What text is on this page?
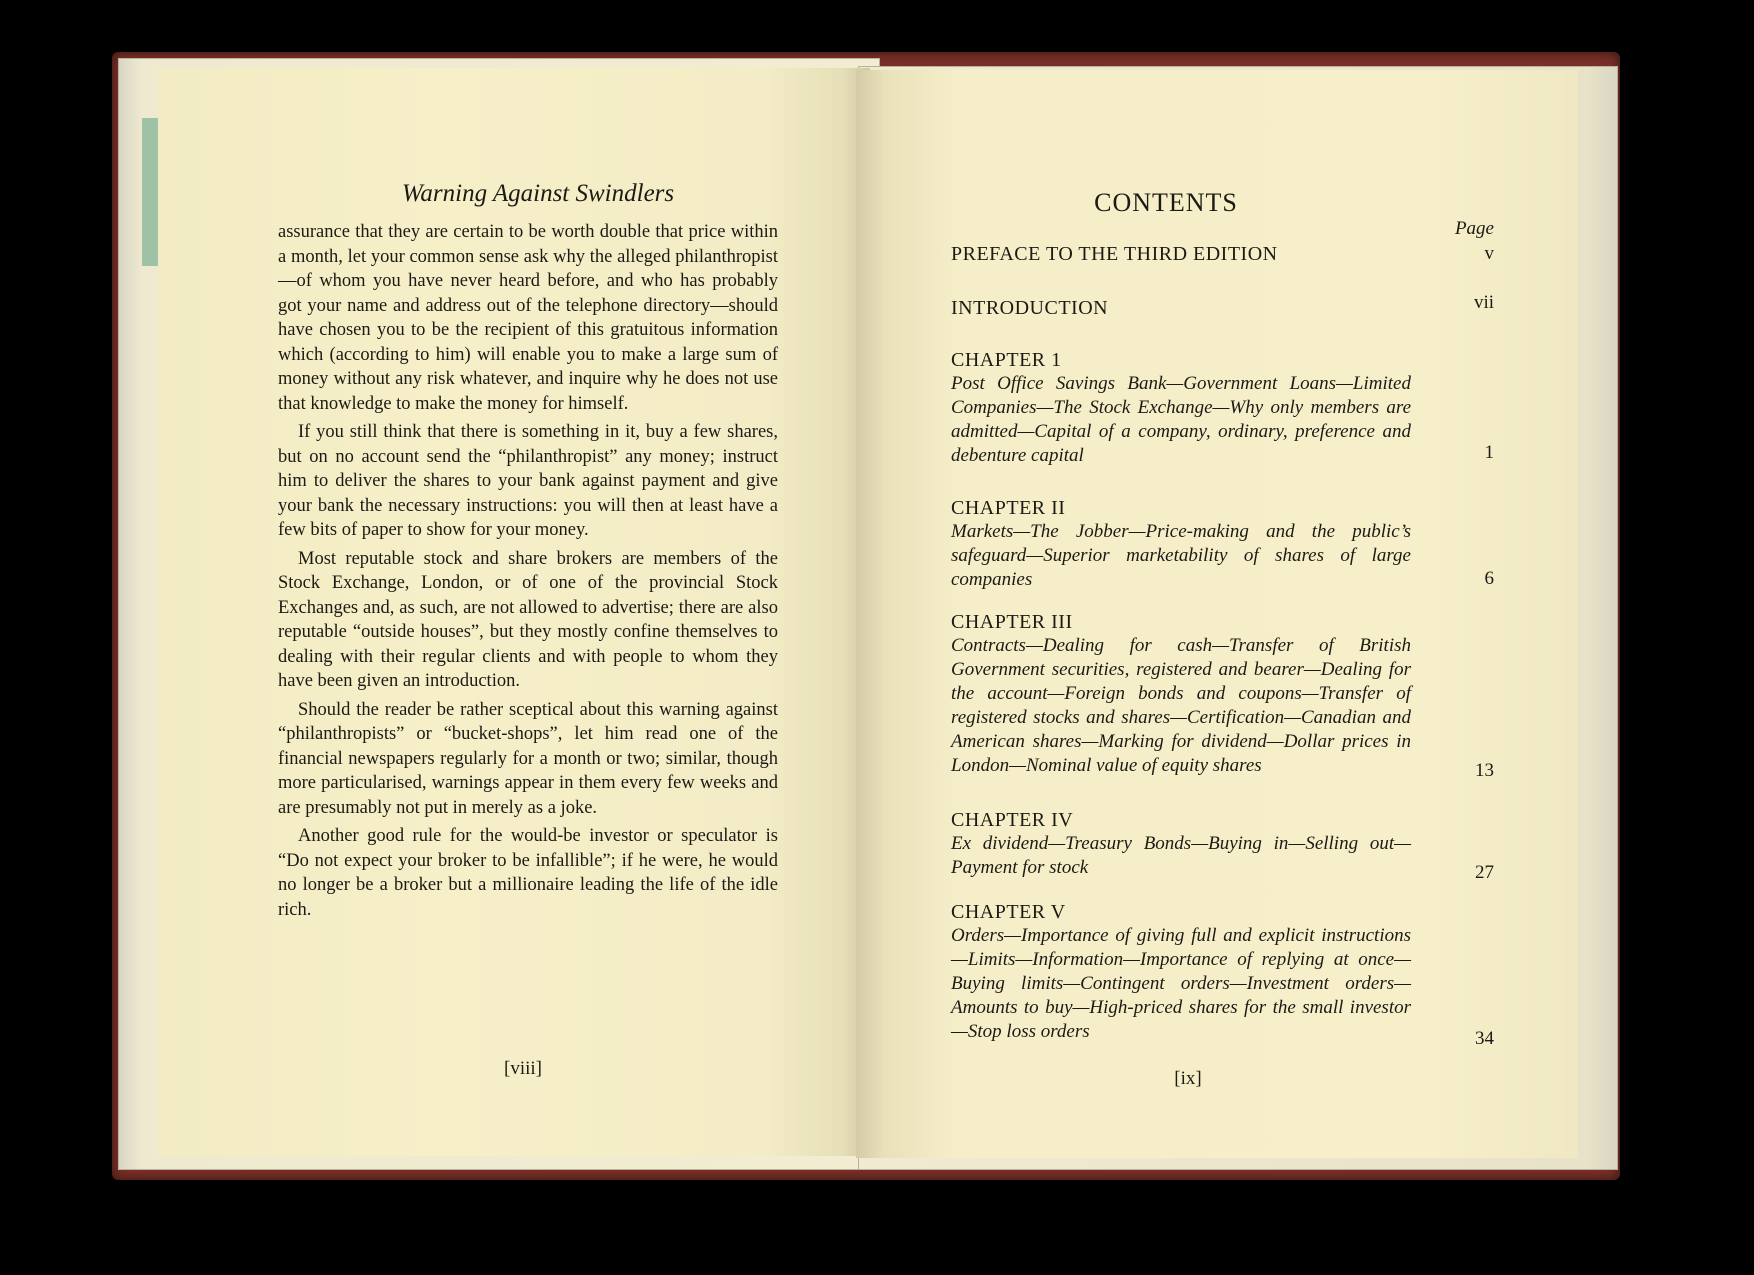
Warning Against Swindlers

assurance that they are certain to be worth double that price within a month, let your common sense ask why the alleged philanthropist—of whom you have never heard before, and who has probably got your name and address out of the telephone directory—should have chosen you to be the recipient of this gratuitous information which (according to him) will enable you to make a large sum of money without any risk whatever, and inquire why he does not use that knowledge to make the money for himself.

If you still think that there is something in it, buy a few shares, but on no account send the “philanthropist” any money; instruct him to deliver the shares to your bank against payment and give your bank the necessary instructions: you will then at least have a few bits of paper to show for your money.

Most reputable stock and share brokers are members of the Stock Exchange, London, or of one of the provincial Stock Exchanges and, as such, are not allowed to advertise; there are also reputable “outside houses”, but they mostly confine themselves to dealing with their regular clients and with people to whom they have been given an introduction.

Should the reader be rather sceptical about this warning against “philanthropists” or “bucket-shops”, let him read one of the financial newspapers regularly for a month or two; similar, though more particularised, warnings appear in them every few weeks and are presumably not put in merely as a joke.

Another good rule for the would-be investor or speculator is “Do not expect your broker to be infallible”; if he were, he would no longer be a broker but a millionaire leading the life of the idle rich.

[viii]
CONTENTS
Page
PREFACE TO THE THIRD EDITION	v
INTRODUCTION	vii
CHAPTER 1
Post Office Savings Bank—Government Loans—Limited Companies—The Stock Exchange—Why only members are admitted—Capital of a company, ordinary, preference and debenture capital	1
CHAPTER II
Markets—The Jobber—Price-making and the public’s safeguard—Superior marketability of shares of large companies	6
CHAPTER III
Contracts—Dealing for cash—Transfer of British Government securities, registered and bearer—Dealing for the account—Foreign bonds and coupons—Transfer of registered stocks and shares—Certification—Canadian and American shares—Marking for dividend—Dollar prices in London—Nominal value of equity shares	13
CHAPTER IV
Ex dividend—Treasury Bonds—Buying in—Selling out—Payment for stock	27
CHAPTER V
Orders—Importance of giving full and explicit instructions—Limits—Information—Importance of replying at once—Buying limits—Contingent orders—Investment orders—Amounts to buy—High-priced shares for the small investor—Stop loss orders	34
[ix]
